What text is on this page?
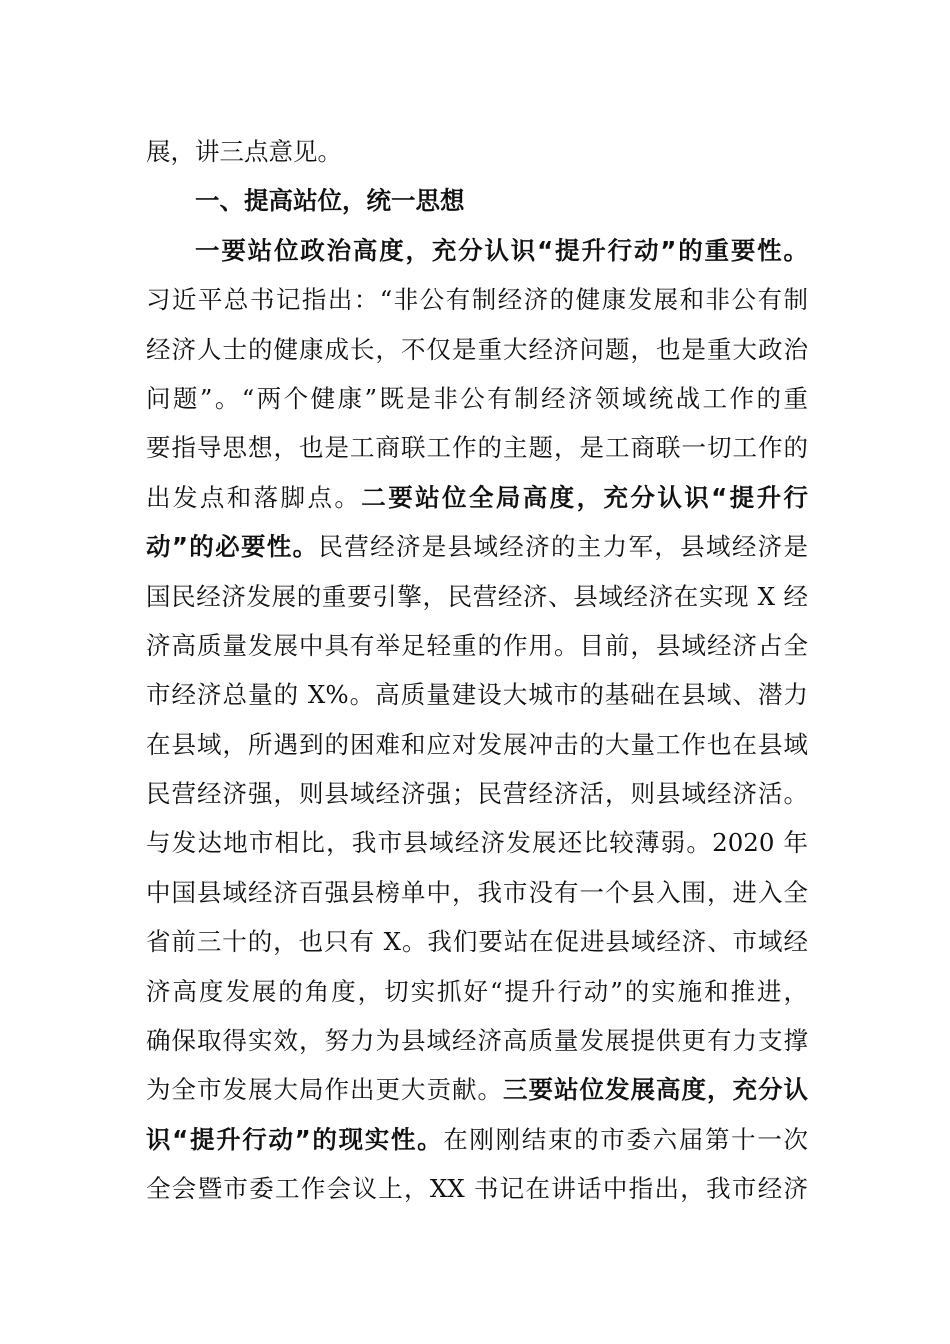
展，讲三点意见。
一、提高站位，统一思想
一要站位政治高度，充分认识“提升行动”的重要性。
习近平总书记指出：“非公有制经济的健康发展和非公有制
经济人士的健康成长，不仅是重大经济问题，也是重大政治
问题”。“两个健康”既是非公有制经济领域统战工作的重
要指导思想，也是工商联工作的主题，是工商联一切工作的
出发点和落脚点。二要站位全局高度，充分认识“提升行
动”的必要性。民营经济是县域经济的主力军，县域经济是
国民经济发展的重要引擎，民营经济、县域经济在实现 X 经
济高质量发展中具有举足轻重的作用。目前，县域经济占全
市经济总量的 X%。高质量建设大城市的基础在县域、潜力
在县域，所遇到的困难和应对发展冲击的大量工作也在县域
民营经济强，则县域经济强；民营经济活，则县域经济活。
与发达地市相比，我市县域经济发展还比较薄弱。2020 年
中国县域经济百强县榜单中，我市没有一个县入围，进入全
省前三十的，也只有 X。我们要站在促进县域经济、市域经
济高度发展的角度，切实抓好“提升行动”的实施和推进，
确保取得实效，努力为县域经济高质量发展提供更有力支撑
为全市发展大局作出更大贡献。三要站位发展高度，充分认
识“提升行动”的现实性。在刚刚结束的市委六届第十一次
全会暨市委工作会议上，XX 书记在讲话中指出，我市经济
